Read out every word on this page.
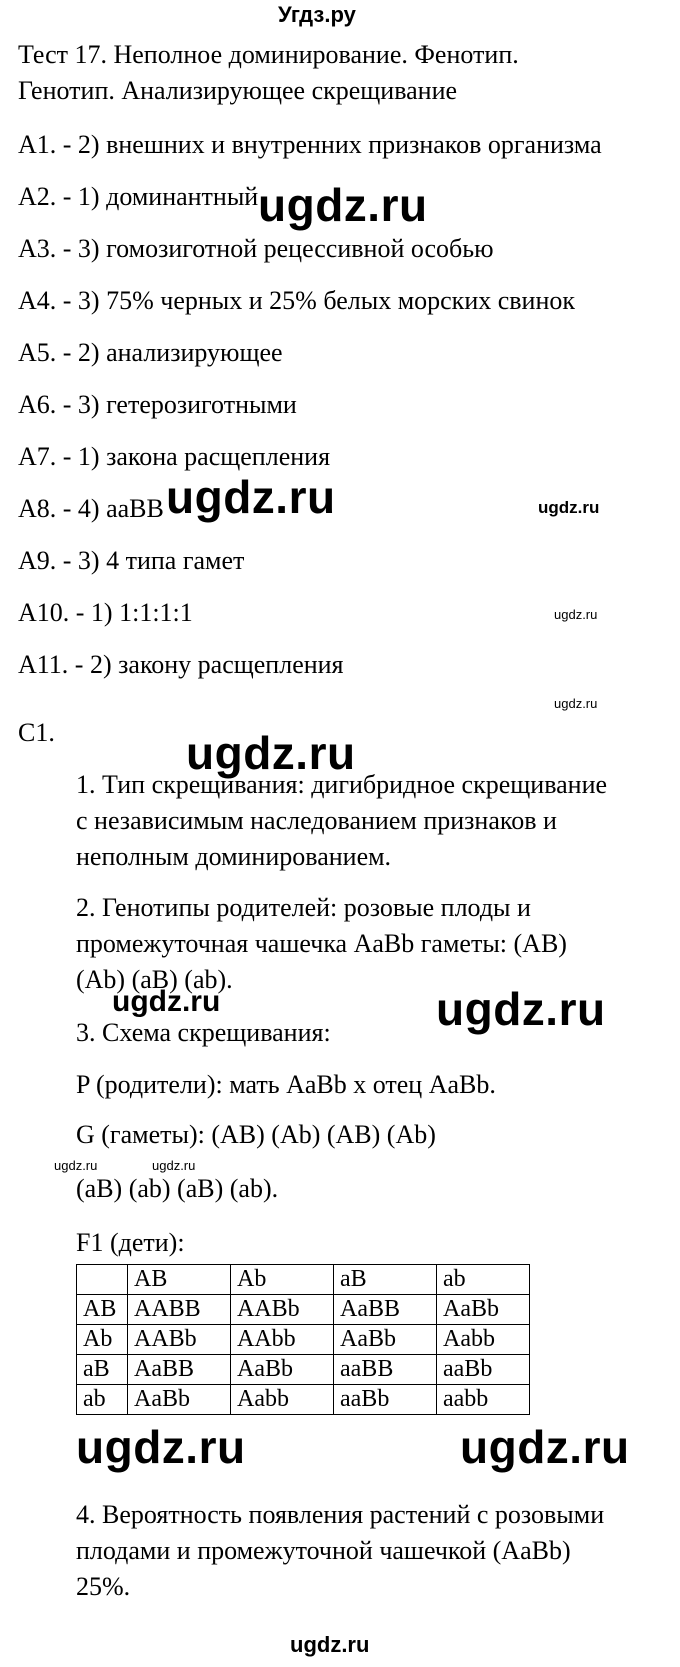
Угдз.ру
Тест 17. Неполное доминирование. Фенотип.
Генотип. Анализирующее скрещивание
А1. - 2) внешних и внутренних признаков организма
А2. - 1) доминантный
А3. - 3) гомозиготной рецессивной особью
А4. - 3) 75% черных и 25% белых морских свинок
А5. - 2) анализирующее
А6. - 3) гетерозиготными
А7. - 1) закона расщепления
А8. - 4) ааВВ
А9. - 3) 4 типа гамет
А10. - 1) 1:1:1:1
А11. - 2) закону расщепления
С1.
1. Тип скрещивания: дигибридное скрещивание
с независимым наследованием признаков и
неполным доминированием.
2. Генотипы родителей: розовые плоды и
промежуточная чашечка AaBb гаметы: (AB)
(Ab) (aB) (ab).
3. Схема скрещивания:
P (родители): мать AaBb х отец AaBb.
G (гаметы): (AB) (Ab) (AB) (Ab)
(aB) (ab) (aB) (ab).
F1 (дети):
	AB	Ab	aB	ab
AB	AABB	AABb	AaBB	AaBb
Ab	AABb	AAbb	AaBb	Aabb
aB	AaBB	AaBb	aaBB	aaBb
ab	AaBb	Aabb	aaBb	aabb
4. Вероятность появления растений с розовыми
плодами и промежуточной чашечкой (AaBb)
25%.
ugdz.ru
ugdz.ru	ugdz.ru
ugdz.ru
ugdz.ru
ugdz.ru
ugdz.ru	ugdz.ru
ugdz.ru	ugdz.ru
ugdz.ru	ugdz.ru
ugdz.ru
